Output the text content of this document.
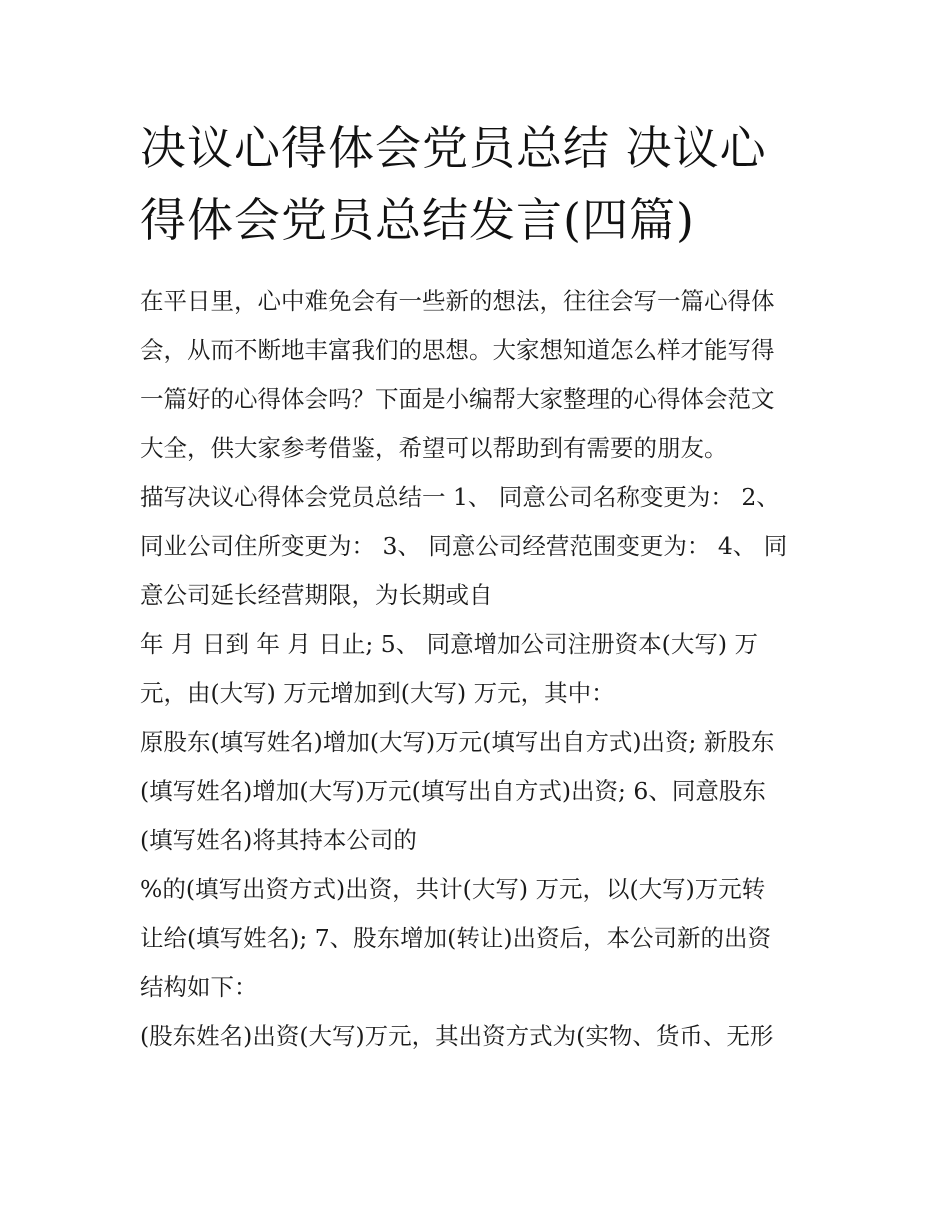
决议心得体会党员总结 决议心
得体会党员总结发言(四篇)

在平日里，心中难免会有一些新的想法，往往会写一篇心得体
会，从而不断地丰富我们的思想。大家想知道怎么样才能写得
一篇好的心得体会吗？下面是小编帮大家整理的心得体会范文
大全，供大家参考借鉴，希望可以帮助到有需要的朋友。

描写决议心得体会党员总结一 1、 同意公司名称变更为： 2、
同业公司住所变更为： 3、 同意公司经营范围变更为： 4、 同
意公司延长经营期限，为长期或自

年 月 日到 年 月 日止; 5、 同意增加公司注册资本(大写) 万
元，由(大写) 万元增加到(大写) 万元，其中：

原股东(填写姓名)增加(大写)万元(填写出自方式)出资; 新股东
(填写姓名)增加(大写)万元(填写出自方式)出资; 6、同意股东
(填写姓名)将其持本公司的

%的(填写出资方式)出资，共计(大写) 万元，以(大写)万元转
让给(填写姓名); 7、股东增加(转让)出资后，本公司新的出资
结构如下：

(股东姓名)出资(大写)万元，其出资方式为(实物、货币、无形
